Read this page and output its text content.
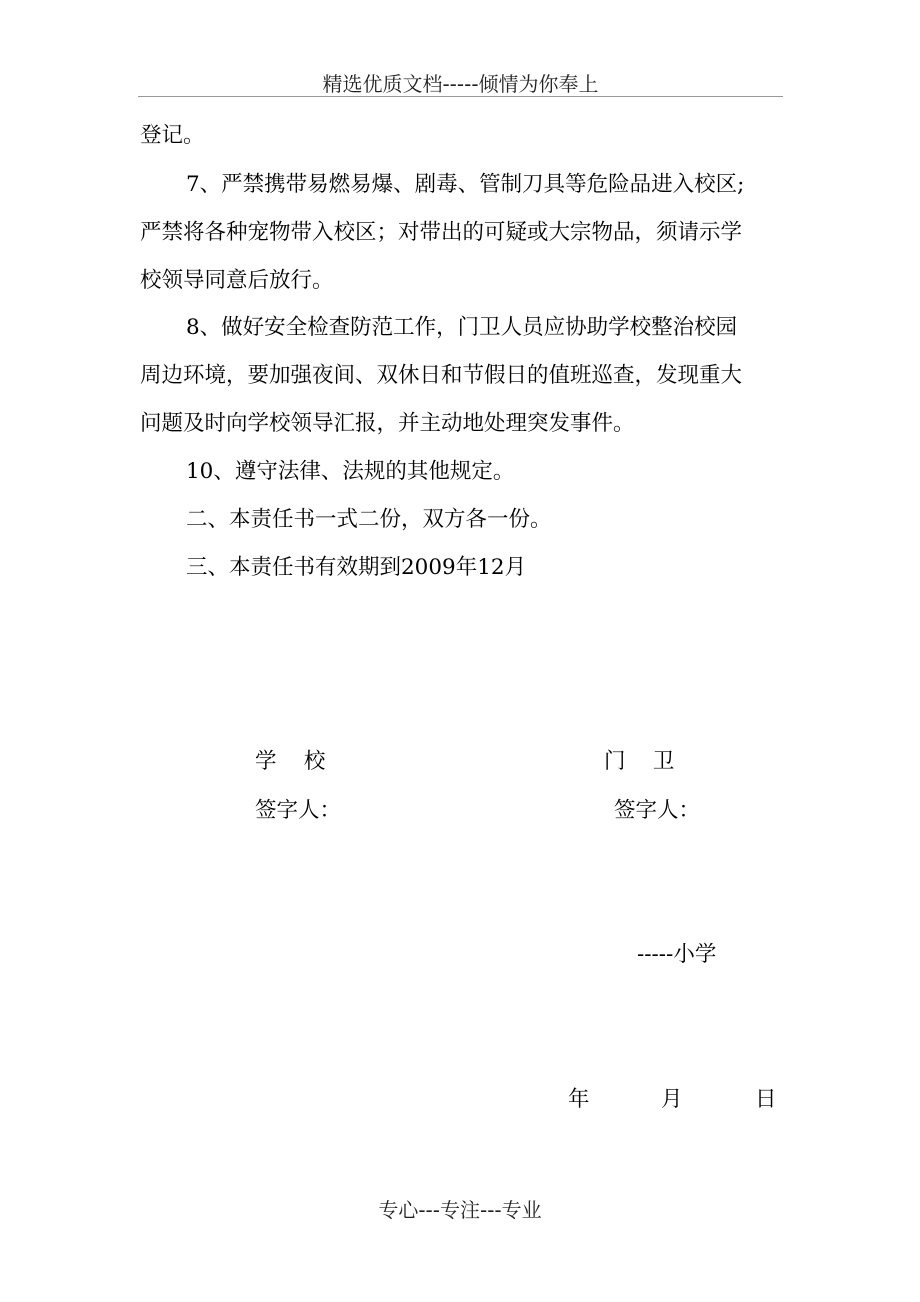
精选优质文档-----倾情为你奉上
登记。
7、严禁携带易燃易爆、剧毒、管制刀具等危险品进入校区;
严禁将各种宠物带入校区；对带出的可疑或大宗物品，须请示学
校领导同意后放行。
8、做好安全检查防范工作，门卫人员应协助学校整治校园
周边环境，要加强夜间、双休日和节假日的值班巡查，发现重大
问题及时向学校领导汇报，并主动地处理突发事件。
10、遵守法律、法规的其他规定。
二、本责任书一式二份，双方各一份。
三、本责任书有效期到2009年12月
学    校	门    卫
签字人：	签字人：
-----小学
年	月	日
专心---专注---专业
